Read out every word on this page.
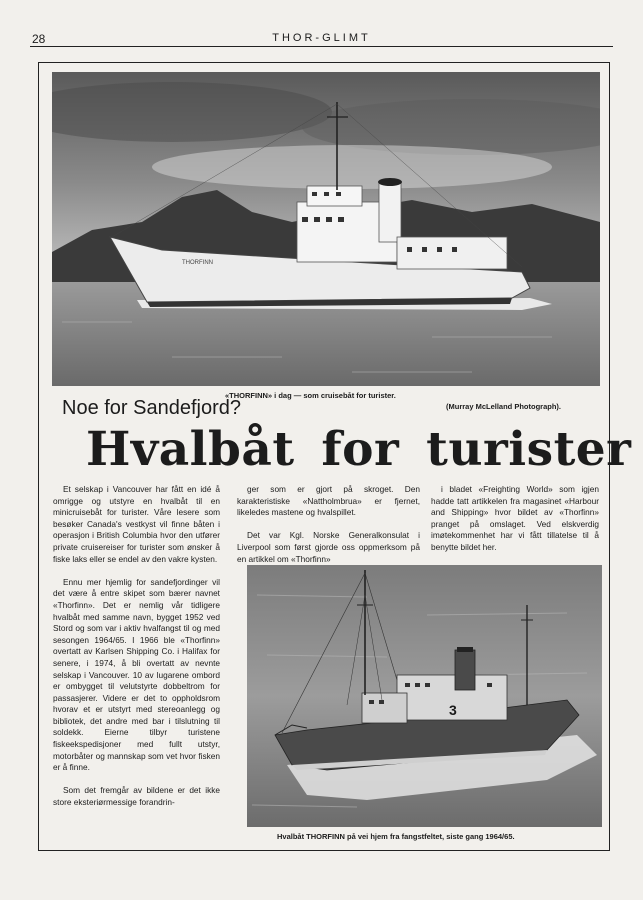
28	THOR-GLIMT
THORFINN
«THORFINN» i dag — som cruisebåt for turister.
(Murray McLelland Photograph).
Noe for Sandefjord?
Hvalbåt for turister

Et selskap i Vancouver har fått en idé å omrigge og utstyre en hvalbåt til en minicruisebåt for turister. Våre lesere som besøker Canada's vestkyst vil finne båten i operasjon i British Columbia hvor den utfører private cruisereiser for turister som ønsker å fiske laks eller se endel av den vakre kysten.

Ennu mer hjemlig for sandefjordinger vil det være å entre skipet som bærer navnet «Thorfinn». Det er nemlig vår tidligere hvalbåt med samme navn, bygget 1952 ved Stord og som var i aktiv hvalfangst til og med sesongen 1964/65. I 1966 ble «Thorfinn» overtatt av Karlsen Shipping Co. i Halifax for senere, i 1974, å bli overtatt av nevnte selskap i Vancouver. 10 av lugarene ombord er ombygget til velutstyrte dobbeltrom for passasjerer. Videre er det to oppholdsrom hvorav et er utstyrt med stereoanlegg og bibliotek, det andre med bar i tilslutning til soldekk. Eierne tilbyr turistene fiskeekspedisjoner med fullt utstyr, motorbåter og mannskap som vet hvor fisken er å finne.

Som det fremgår av bildene er det ikke store eksteriørmessige forandrin-

ger som er gjort på skroget. Den karakteristiske «Nattholmbrua» er fjernet, likeledes mastene og hvalspillet.

Det var Kgl. Norske Generalkonsulat i Liverpool som først gjorde oss oppmerksom på en artikkel om «Thorfinn»

i bladet «Freighting World» som igjen hadde tatt artikkelen fra magasinet «Harbour and Shipping» hvor bildet av «Thorfinn» pranget på omslaget. Ved elskverdig imøtekommenhet har vi fått tillatelse til å benytte bildet her.

3
Hvalbåt THORFINN på vei hjem fra fangstfeltet, siste gang 1964/65.
